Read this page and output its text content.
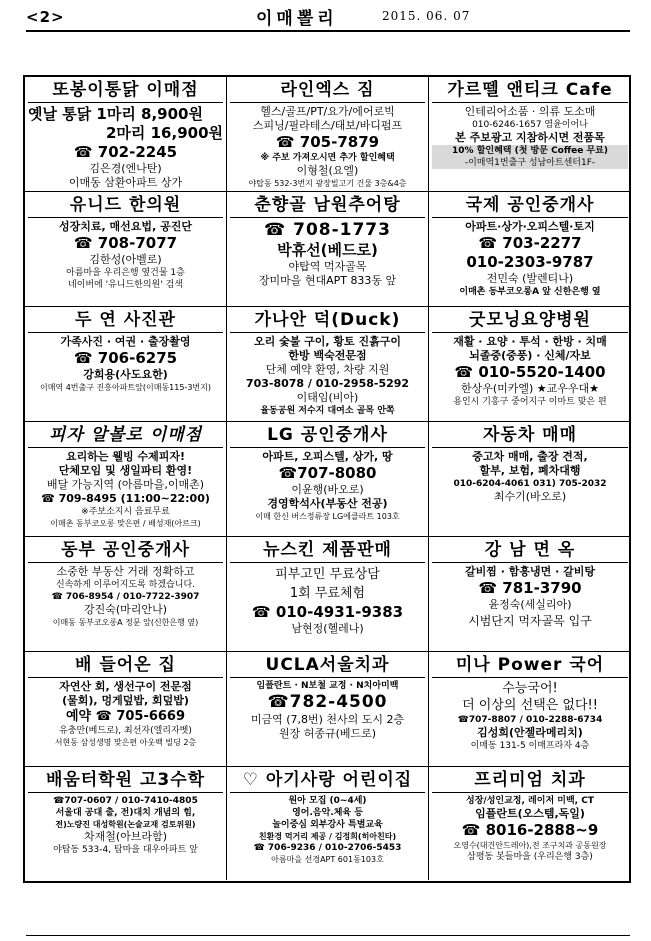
<2>	이매뽈리	2015. 06. 07
또봉이통닭 이매점
옛날 통닭 1마리 8,900원
2마리 16,900원
☎ 702-2245
김은경(엔나탄)
이매동 삼환아파트 상가
라인엑스 짐
헬스/골프/PT/요가/에어로빅
스피닝/필라테스/태보/바디펌프
☎ 705-7879
※ 주보 가져오시면 추가 할인혜택
이형철(요엘)
야탑동 532-3번지 광장빌고기 건물 3층&4층
가르뗄 앤티크 Cafe
인테리어소품 · 의류 도소매
010-6246-1657 염윤이어나
본 주보광고 지참하시면 전품목
10% 할인혜택 (첫 방문 Coffee 무료)
-이매역1번출구 성남아트센터1F-
유니드 한의원
성장치료, 매선요법, 공진단
☎ 708-7077
김한성(아벨로)
아름마을 우리은행 옆건물 1층
네이버에 '유니드한의원' 검색
춘향골 남원추어탕
☎ 708-1773
박휴선(베드로)
야탑역 먹자골목
장미마을 현대APT 833동 앞
국제 공인중개사
아파트·상가·오피스텔·토지
☎ 703-2277
010-2303-9787
전민숙 (발렌티나)
이매촌 동부코오롱A 앞 신한은행 옆
두 연 사진관
가족사진 · 여권 · 출장촬영
☎ 706-6275
강희용(사도요한)
이매역 4번출구 진흥아파트앞(이매동115-3번지)
가나안 덕(Duck)
오리 숯불 구이, 황토 진흙구이
한방 백숙전문점
단체 예약 환영, 차량 지원
703-8078 / 010-2958-5292
이태임(비아)
율동공원 저수지 대여소 골목 안쪽
굿모닝요양병원
재활 · 요양 · 투석 · 한방 · 치매
뇌졸중(중풍) · 신체/자보
☎ 010-5520-1400
한상우(미카엘) ★교우우대★
용인시 기흥구 중어지구 이마트 맞은 편
피자 알볼로 이매점
요리하는 웰빙 수제피자!
단체모임 및 생일파티 환영!
배달 가능지역 (아름마을,이매촌)
☎ 709-8495 (11:00~22:00)
※주보소지시 음료무료
이매촌 동부코오롱 맞은편 / 배성재(아르크)
LG 공인중개사
아파트, 오피스텔, 상가, 땅
☎707-8080
이윤행(바오로)
경영학석사(부동산 전공)
이매 한신 버스정류장 LG에클라트 103호
자동차 매매
중고차 매매, 출장 견적,
할부, 보험, 폐차대행
010-6204-4061 031) 705-2032
최수기(바오로)
동부 공인중개사
소중한 부동산 거래 정확하고
신속하게 이루어지도록 하겠습니다.
☎ 706-8954 / 010-7722-3907
강진숙(마리안나)
이매동 동부코오롱A 정문 앞(신한은행 옆)
뉴스킨 제품판매
피부고민 무료상담
1회 무료체험
☎ 010-4931-9383
남현정(헬레나)
강 남 면 옥
갈비찜 · 함흥냉면 · 갈비탕
☎ 781-3790
윤정숙(세실리아)
시범단지 먹자골목 입구
배 들어온 집
자연산 회, 생선구이 전문점
(물회), 멍게덮밥, 회덮밥)
예약 ☎ 705-6669
유충만(베드로), 최선자(엘리자벳)
서현동 삼성생명 맞은편 아웃백 빌딩 2층
UCLA서울치과
임플란트 · N보철 교정 · N치아미백
☎782-4500
미금역 (7,8번) 천사의 도시 2층
원장 허종규(베드로)
미나 Power 국어
수능국어!
더 이상의 선택은 없다!!
☎707-8807 / 010-2288-6734
김성희(안젤라메리치)
이매동 131-5 이매프라자 4층
배움터학원 고3수학
☎707-0607 / 010-7410-4805
서울대 공대 출, 전)대치 개념의 힘,
전)노량진 대성학원(논술교재 검토위원)
차재철(아브라함)
야탑동 533-4, 탑마을 대우아파트 앞
♡ 아기사랑 어린이집
원아 모집 (0~4세)
영어.음악.체육 등
놀이중심 외부강사 특별교육
친환경 먹거리 제공 / 김정희(히아친타)
☎ 706-9236 / 010-2706-5453
아름마을 선경APT 601동103호
프리미엄 치과
성장/성인교정, 레이저 미백, CT
임플란트(오스템,독일)
☎ 8016-2888~9
오영수(대건안드레아),전 조구치과 공동원장
삼평동 봇들마을 (우리은행 3층)
